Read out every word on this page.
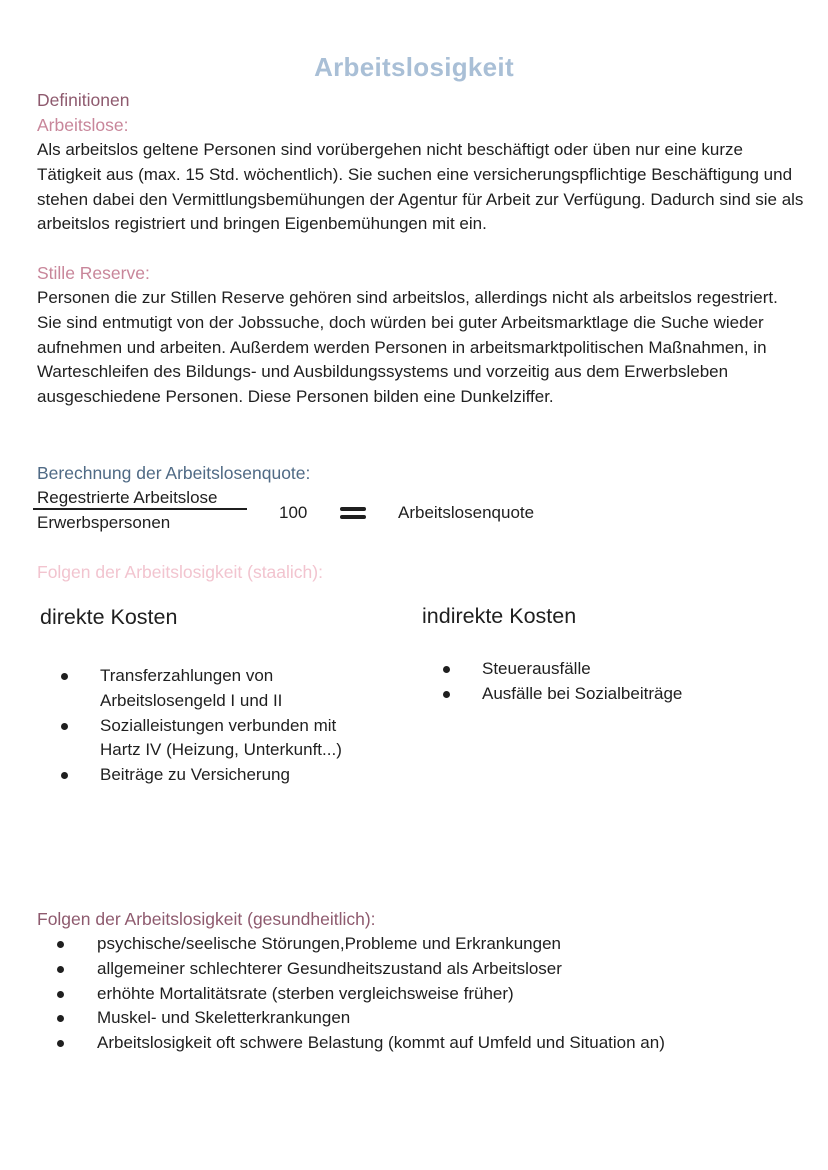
Arbeitslosigkeit
Definitionen
Arbeitslose:

Als arbeitslos geltene Personen sind vorübergehen nicht beschäftigt oder üben nur eine kurze Tätigkeit aus (max. 15 Std. wöchentlich). Sie suchen eine versicherungspflichtige Beschäftigung und stehen dabei den Vermittlungsbemühungen der Agentur für Arbeit zur Verfügung. Dadurch sind sie als arbeitslos registriert und bringen Eigenbemühungen mit ein.

Stille Reserve:

Personen die zur Stillen Reserve gehören sind arbeitslos, allerdings nicht als arbeitslos regestriert. Sie sind entmutigt von der Jobssuche, doch würden bei guter Arbeitsmarktlage die Suche wieder aufnehmen und arbeiten. Außerdem werden Personen in arbeitsmarktpolitischen Maßnahmen, in Warteschleifen des Bildungs- und Ausbildungssystems und vorzeitig aus dem Erwerbsleben ausgeschiedene Personen. Diese Personen bilden eine Dunkelziffer.

Berechnung der Arbeitslosenquote:
Regestrierte Arbeitslose
Erwerbspersonen
100	Arbeitslosenquote
Folgen der Arbeitslosigkeit (staalich):
direkte Kosten	indirekte Kosten
Transferzahlungen von Arbeitslosengeld I und II
Sozialleistungen verbunden mit Hartz IV (Heizung, Unterkunft...)
Beiträge zu Versicherung
Steuerausfälle
Ausfälle bei Sozialbeiträge
Folgen der Arbeitslosigkeit (gesundheitlich):
psychische/seelische Störungen,Probleme und Erkrankungen
allgemeiner schlechterer Gesundheitszustand als Arbeitsloser
erhöhte Mortalitätsrate (sterben vergleichsweise früher)
Muskel- und Skeletterkrankungen
Arbeitslosigkeit oft schwere Belastung (kommt auf Umfeld und Situation an)
